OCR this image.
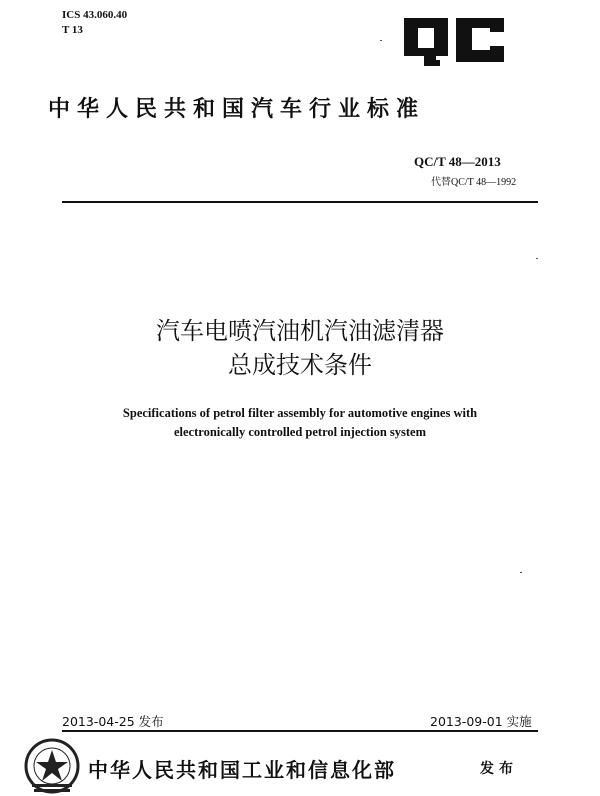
ICS 43.060.40
T 13
中华人民共和国汽车行业标准
QC/T 48—2013
代替QC/T 48—1992
汽车电喷汽油机汽油滤清器
总成技术条件
Specifications of petrol filter assembly for automotive engines with
electronically controlled petrol injection system
2013-04-25 发布	2013-09-01 实施
中华人民共和国工业和信息化部	发布
